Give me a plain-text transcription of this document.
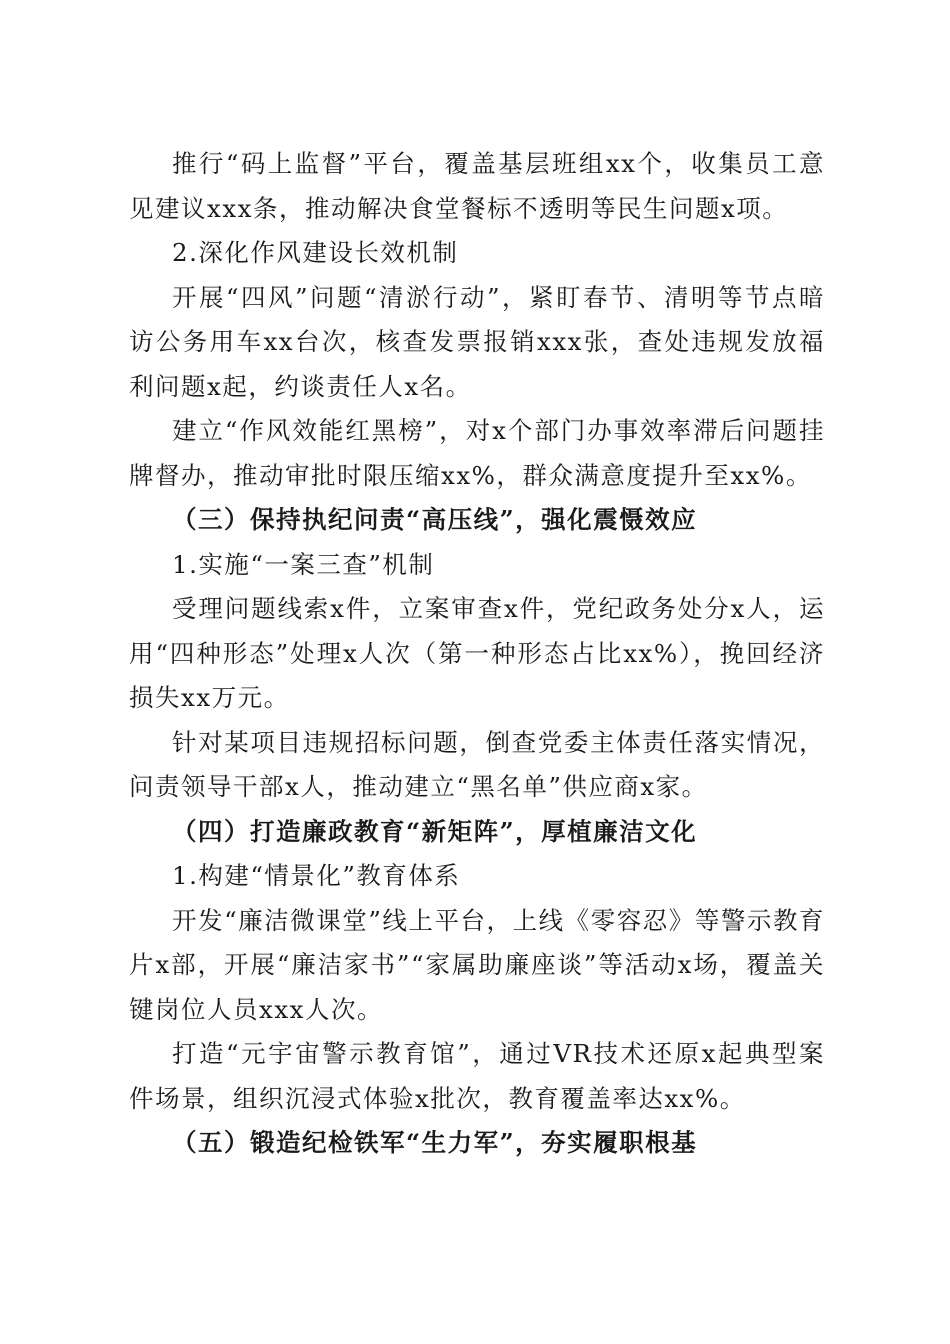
推行“码上监督”平台，覆盖基层班组xx个，收集员工意见建议xxx条，推动解决食堂餐标不透明等民生问题x项。

2.深化作风建设长效机制

开展“四风”问题“清淤行动”，紧盯春节、清明等节点暗访公务用车xx台次，核查发票报销xxx张，查处违规发放福利问题x起，约谈责任人x名。

建立“作风效能红黑榜”，对x个部门办事效率滞后问题挂牌督办，推动审批时限压缩xx%，群众满意度提升至xx%。

（三）保持执纪问责“高压线”，强化震慑效应

1.实施“一案三查”机制

受理问题线索x件，立案审查x件，党纪政务处分x人，运用“四种形态”处理x人次（第一种形态占比xx%），挽回经济损失xx万元。

针对某项目违规招标问题，倒查党委主体责任落实情况，问责领导干部x人，推动建立“黑名单”供应商x家。

（四）打造廉政教育“新矩阵”，厚植廉洁文化

1.构建“情景化”教育体系

开发“廉洁微课堂”线上平台，上线《零容忍》等警示教育片x部，开展“廉洁家书”“家属助廉座谈”等活动x场，覆盖关键岗位人员xxx人次。

打造“元宇宙警示教育馆”，通过VR技术还原x起典型案件场景，组织沉浸式体验x批次，教育覆盖率达xx%。

（五）锻造纪检铁军“生力军”，夯实履职根基
